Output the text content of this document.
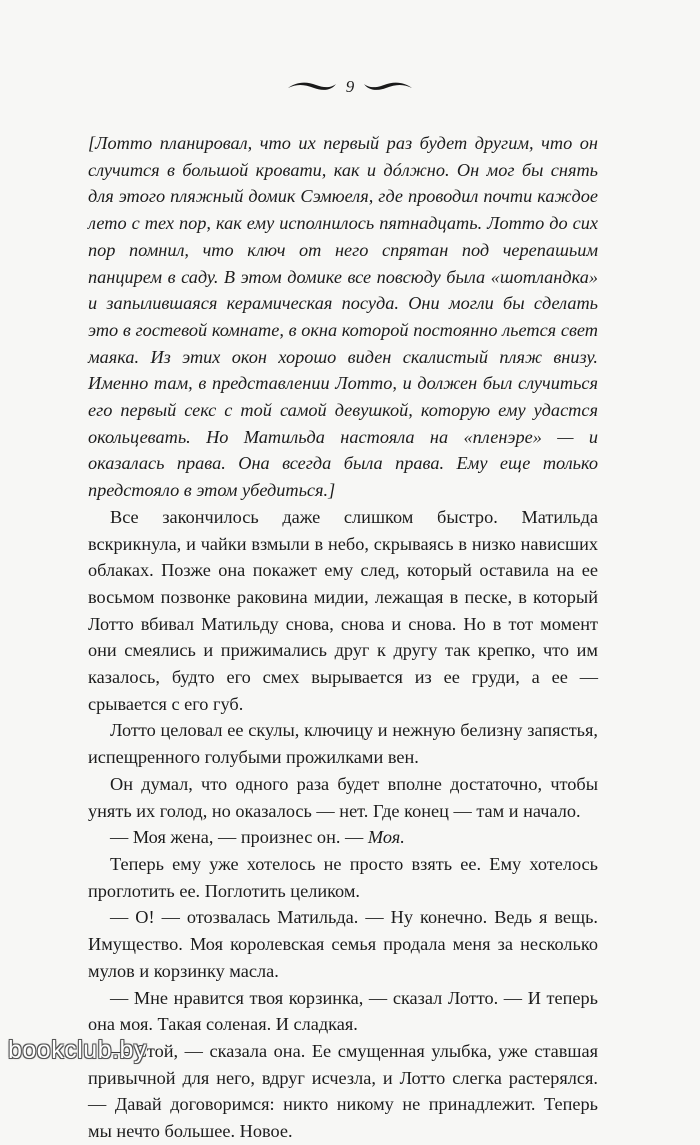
9

[Лотто планировал, что их первый раз будет другим, что он случится в большой кровати, как и дóлжно. Он мог бы снять для этого пляжный домик Сэмюеля, где проводил почти каждое лето с тех пор, как ему исполнилось пятнадцать. Лотто до сих пор помнил, что ключ от него спрятан под черепашьим панцирем в саду. В этом домике все повсюду была «шотландка» и запылившаяся керамическая посуда. Они могли бы сделать это в гостевой комнате, в окна которой постоянно льется свет маяка. Из этих окон хорошо виден скалистый пляж внизу. Именно там, в представлении Лотто, и должен был случиться его первый секс с той самой девушкой, которую ему удастся окольцевать. Но Матильда настояла на «пленэре» — и оказалась права. Она всегда была права. Ему еще только предстояло в этом убедиться.]

Все закончилось даже слишком быстро. Матильда вскрикнула, и чайки взмыли в небо, скрываясь в низко нависших облаках. Позже она покажет ему след, который оставила на ее восьмом позвонке раковина мидии, лежащая в песке, в который Лотто вбивал Матильду снова, снова и снова. Но в тот момент они смеялись и прижимались друг к другу так крепко, что им казалось, будто его смех вырывается из ее груди, а ее — срывается с его губ.

Лотто целовал ее скулы, ключицу и нежную белизну запястья, испещренного голубыми прожилками вен.

Он думал, что одного раза будет вполне достаточно, чтобы унять их голод, но оказалось — нет. Где конец — там и начало.

— Моя жена, — произнес он. — Моя.

Теперь ему уже хотелось не просто взять ее. Ему хотелось проглотить ее. Поглотить целиком.

— О! — отозвалась Матильда. — Ну конечно. Ведь я вещь. Имущество. Моя королевская семья продала меня за несколько мулов и корзинку масла.

— Мне нравится твоя корзинка, — сказал Лотто. — И теперь она моя. Такая соленая. И сладкая.

— Стой, — сказала она. Ее смущенная улыбка, уже ставшая привычной для него, вдруг исчезла, и Лотто слегка растерялся. — Давай договоримся: никто никому не принадлежит. Теперь мы нечто большее. Новое.

bookclub.by
